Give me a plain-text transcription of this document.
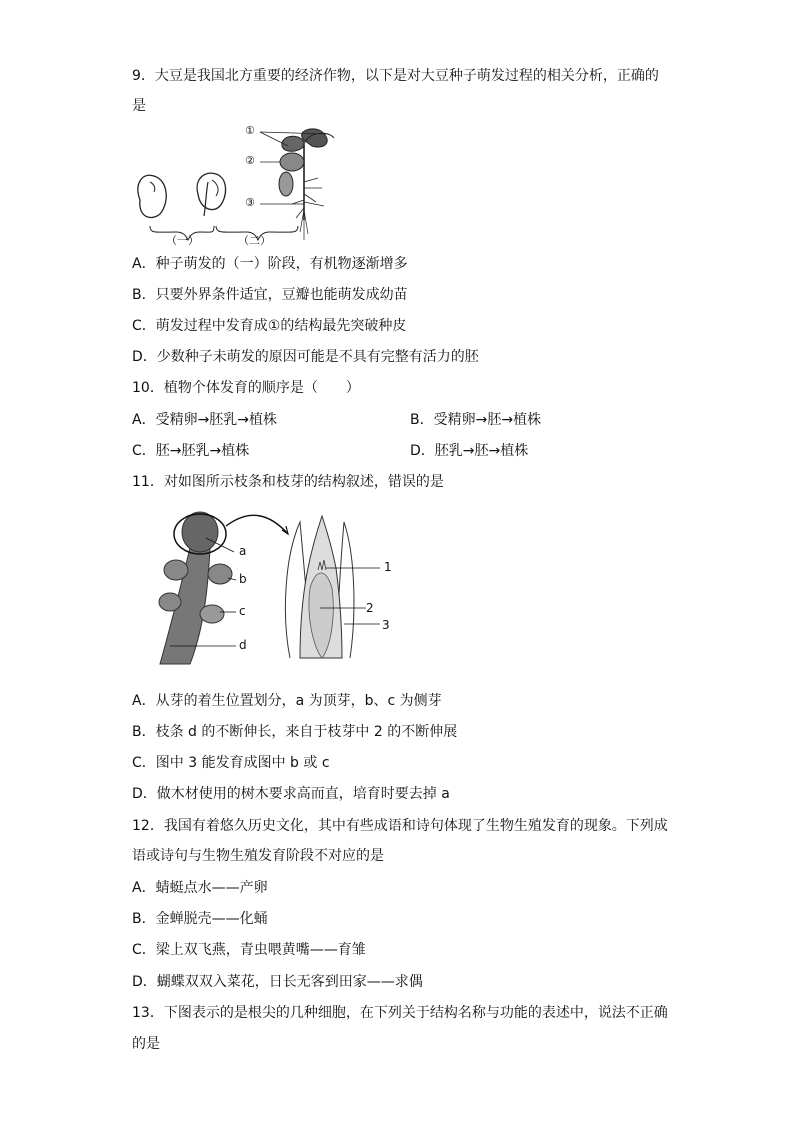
9．大豆是我国北方重要的经济作物，以下是对大豆种子萌发过程的相关分析，正确的
是
①
②
③
（一）	（二）
A．种子萌发的（一）阶段，有机物逐渐增多
B．只要外界条件适宜，豆瓣也能萌发成幼苗
C．萌发过程中发育成①的结构最先突破种皮
D．少数种子未萌发的原因可能是不具有完整有活力的胚
10．植物个体发育的顺序是（　　）
A．受精卵→胚乳→植株	B．受精卵→胚→植株
C．胚→胚乳→植株	D．胚乳→胚→植株
11．对如图所示枝条和枝芽的结构叙述，错误的是
a
b
c
d
1
2
3
A．从芽的着生位置划分，a 为顶芽，b、c 为侧芽
B．枝条 d 的不断伸长，来自于枝芽中 2 的不断伸展
C．图中 3 能发育成图中 b 或 c
D．做木材使用的树木要求高而直，培育时要去掉 a
12．我国有着悠久历史文化，其中有些成语和诗句体现了生物生殖发育的现象。下列成
语或诗句与生物生殖发育阶段不对应的是
A．蜻蜓点水——产卵
B．金蝉脱壳——化蛹
C．梁上双飞燕，青虫喂黄嘴——育雏
D．蝴蝶双双入菜花，日长无客到田家——求偶
13．下图表示的是根尖的几种细胞，在下列关于结构名称与功能的表述中，说法不正确
的是
